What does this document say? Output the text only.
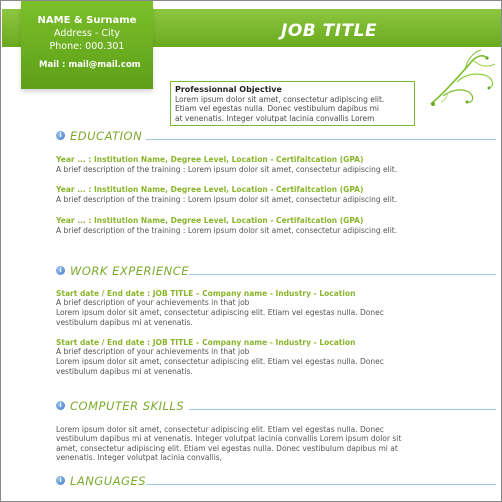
JOB TITLE
NAME & Surname
Address - City
Phone: 000.301
Mail : mail@mail.com
Professionnal Objective
Lorem ipsum dolor sit amet, consectetur adipiscing elit.
Etiam vel egestas nulla. Donec vestibulum dapibus mi
at venenatis. Integer volutpat lacinia convallis Lorem
i EDUCATION
Year ... : Institution Name, Degree Level, Location - Certifaitcation (GPA)
A brief description of the training : Lorem ipsum dolor sit amet, consectetur adipiscing elit.
Year ... : Institution Name, Degree Level, Location - Certifaitcation (GPA)
A brief description of the training : Lorem ipsum dolor sit amet, consectetur adipiscing elit.
Year ... : Institution Name, Degree Level, Location - Certifaitcation (GPA)
A brief description of the training : Lorem ipsum dolor sit amet, consectetur adipiscing elit.
i WORK EXPERIENCE
Start date / End date : JOB TITLE – Company name - Industry - Location
A brief description of your achievements in that job
Lorem ipsum dolor sit amet, consectetur adipiscing elit. Etiam vel egestas nulla. Donec
vestibulum dapibus mi at venenatis.
Start date / End date : JOB TITLE – Company name - Industry - Location
A brief description of your achievements in that job
Lorem ipsum dolor sit amet, consectetur adipiscing elit. Etiam vel egestas nulla. Donec
vestibulum dapibus mi at venenatis.
i COMPUTER SKILLS
Lorem ipsum dolor sit amet, consectetur adipiscing elit. Etiam vel egestas nulla. Donec
vestibulum dapibus mi at venenatis. Integer volutpat lacinia convallis Lorem ipsum dolor sit
amet, consectetur adipiscing elit. Etiam vel egestas nulla. Donec vestibulum dapibus mi at
venenatis. Integer volutpat lacinia convallis,
i LANGUAGES
